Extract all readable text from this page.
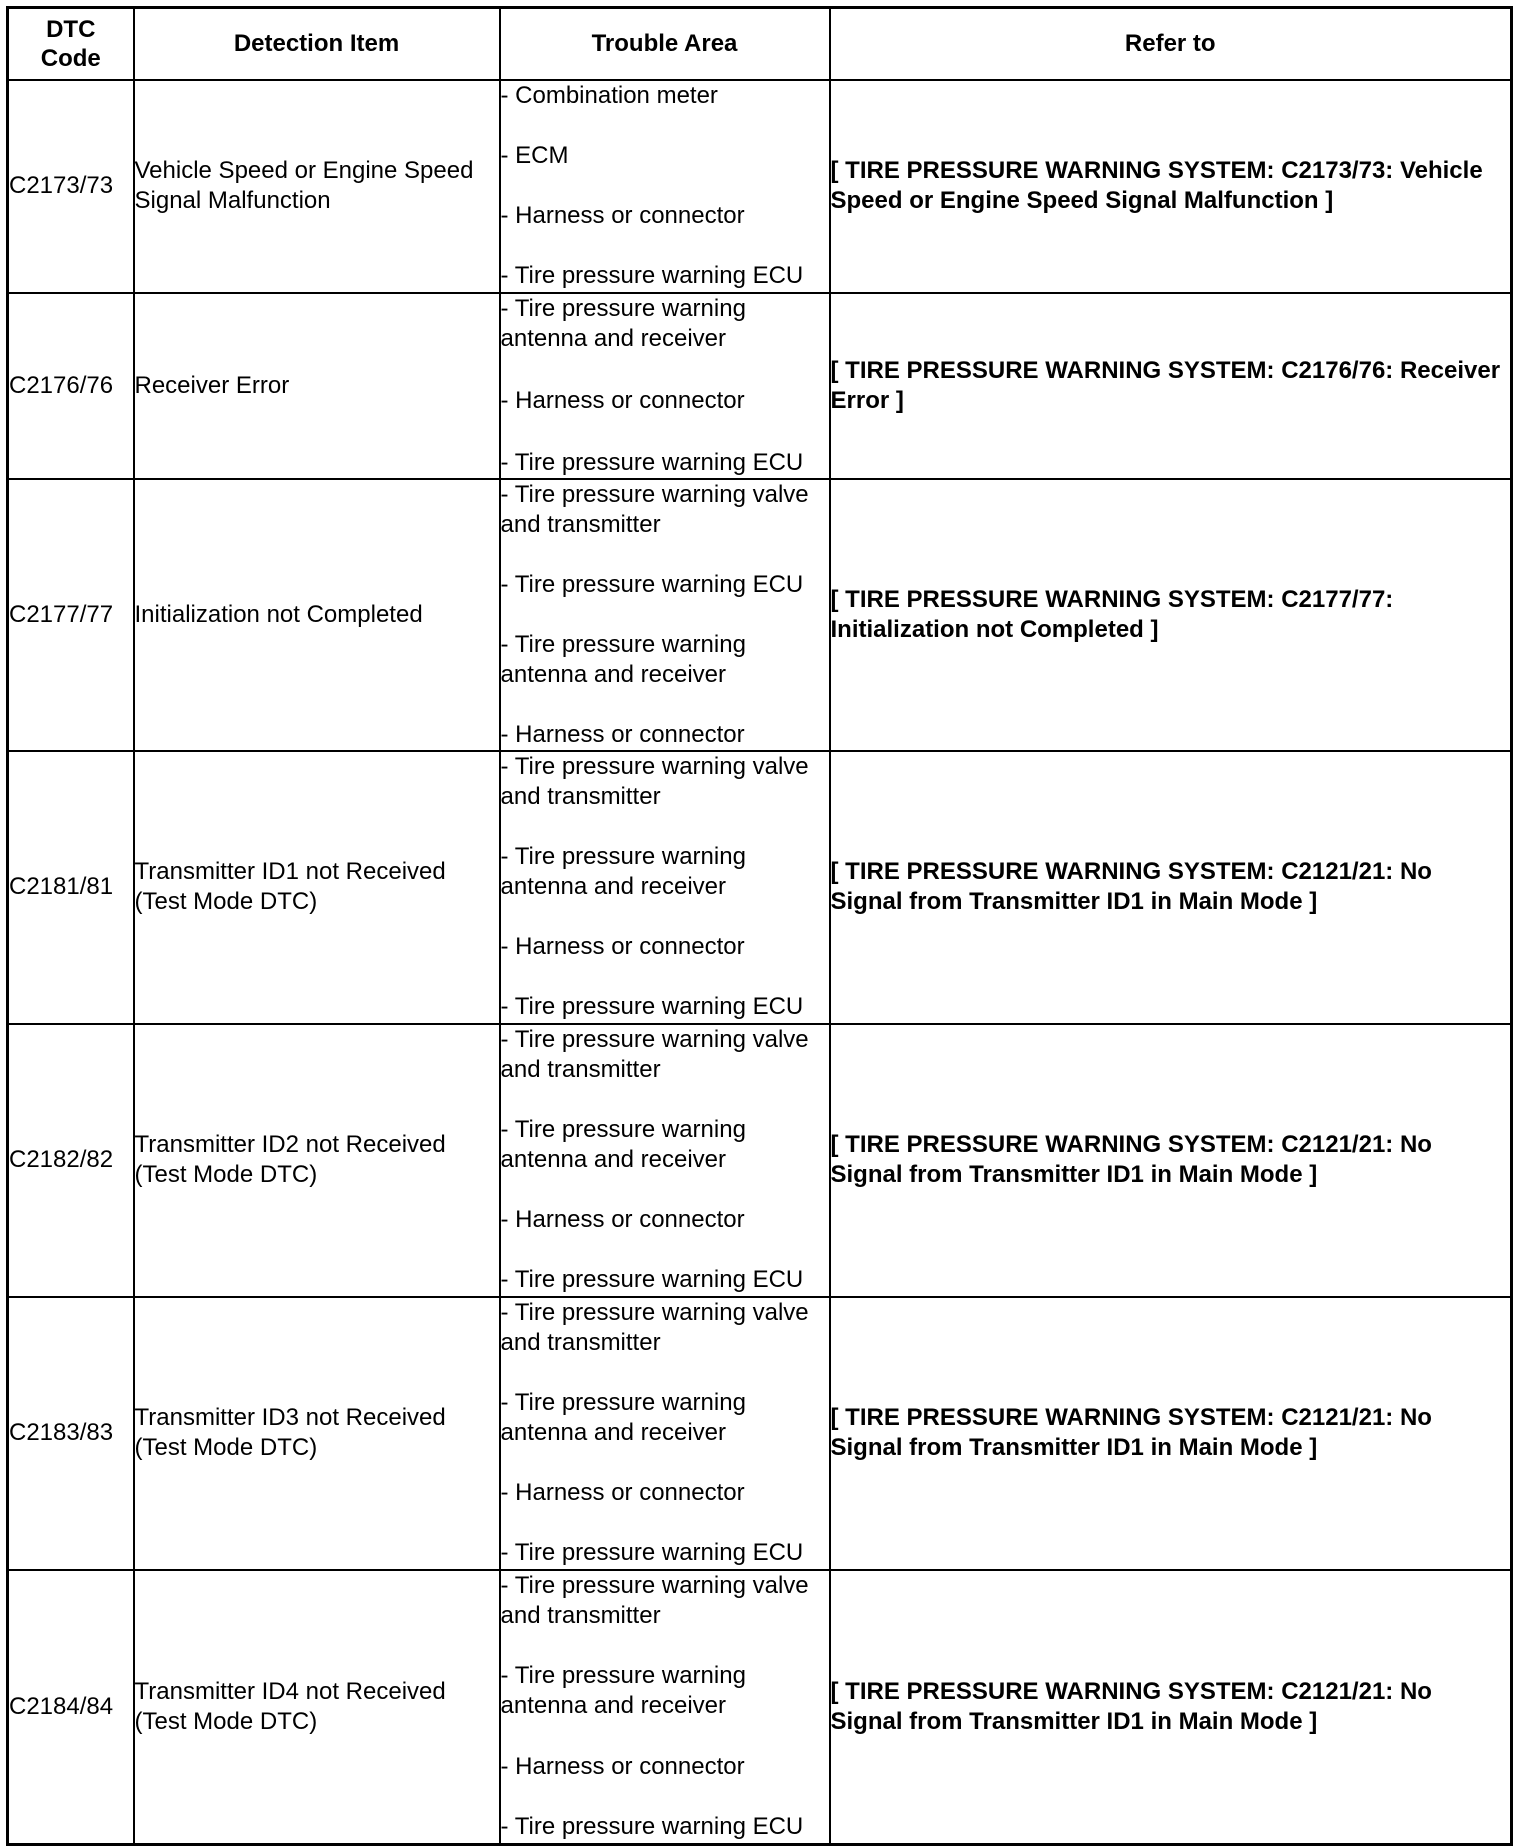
DTC
Code	Detection Item	Trouble Area	Refer to
C2173/73	Vehicle Speed or Engine Speed Signal Malfunction	- Combination meter
- ECM
- Harness or connector
- Tire pressure warning ECU	[ TIRE PRESSURE WARNING SYSTEM: C2173/73: Vehicle Speed or Engine Speed Signal Malfunction ]
C2176/76	Receiver Error	- Tire pressure warning antenna and receiver
- Harness or connector
- Tire pressure warning ECU	[ TIRE PRESSURE WARNING SYSTEM: C2176/76: Receiver Error ]
C2177/77	Initialization not Completed	- Tire pressure warning valve and transmitter
- Tire pressure warning ECU
- Tire pressure warning antenna and receiver
- Harness or connector	[ TIRE PRESSURE WARNING SYSTEM: C2177/77: Initialization not Completed ]
C2181/81	Transmitter ID1 not Received (Test Mode DTC)	- Tire pressure warning valve and transmitter
- Tire pressure warning antenna and receiver
- Harness or connector
- Tire pressure warning ECU	[ TIRE PRESSURE WARNING SYSTEM: C2121/21: No Signal from Transmitter ID1 in Main Mode ]
C2182/82	Transmitter ID2 not Received (Test Mode DTC)	- Tire pressure warning valve and transmitter
- Tire pressure warning antenna and receiver
- Harness or connector
- Tire pressure warning ECU	[ TIRE PRESSURE WARNING SYSTEM: C2121/21: No Signal from Transmitter ID1 in Main Mode ]
C2183/83	Transmitter ID3 not Received (Test Mode DTC)	- Tire pressure warning valve and transmitter
- Tire pressure warning antenna and receiver
- Harness or connector
- Tire pressure warning ECU	[ TIRE PRESSURE WARNING SYSTEM: C2121/21: No Signal from Transmitter ID1 in Main Mode ]
C2184/84	Transmitter ID4 not Received (Test Mode DTC)	- Tire pressure warning valve and transmitter
- Tire pressure warning antenna and receiver
- Harness or connector
- Tire pressure warning ECU	[ TIRE PRESSURE WARNING SYSTEM: C2121/21: No Signal from Transmitter ID1 in Main Mode ]
